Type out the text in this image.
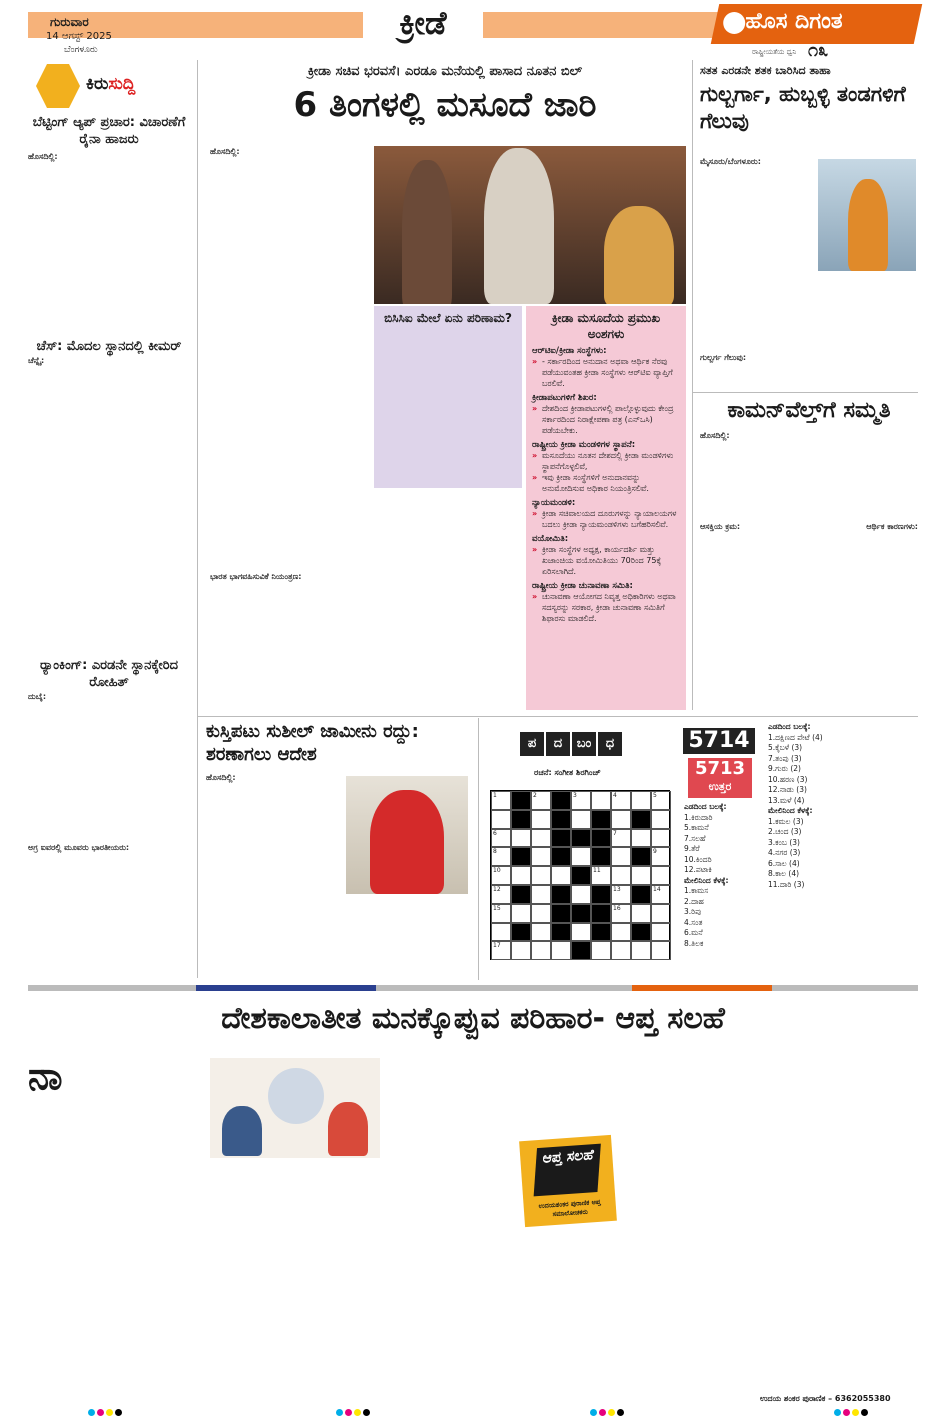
ಗುರುವಾರ
14 ಆಗಸ್ಟ್ 2025
ಬೆಂಗಳೂರು
ಕ್ರೀಡೆ	ಹೊಸ ದಿಗಂತ
ರಾಷ್ಟ್ರೀಯತೆಯ ಧ್ವನಿ ೧೩
ಕಿರುಸುದ್ದಿ
ಬೆಟ್ಟಿಂಗ್ ಆ್ಯಪ್ ಪ್ರಚಾರ: ವಿಚಾರಣೆಗೆ ರೈನಾ ಹಾಜರು
ಹೊಸದಿಲ್ಲಿ:
ಚೆಸ್: ಮೊದಲ ಸ್ಥಾನದಲ್ಲಿ ಕೀಮರ್
ಚೆನ್ನೈ:
ರ್‍ಯಾಂಕಿಂಗ್: ಎರಡನೇ ಸ್ಥಾನಕ್ಕೇರಿದ ರೋಹಿತ್
ದುಬೈ:
ಅಗ್ರ ಐವರಲ್ಲಿ ಮೂವರು ಭಾರತೀಯರು:
ಕ್ರೀಡಾ ಸಚಿವ ಭರವಸೆ। ಎರಡೂ ಮನೆಯಲ್ಲಿ ಪಾಸಾದ ನೂತನ ಬಿಲ್
6 ತಿಂಗಳಲ್ಲಿ ಮಸೂದೆ ಜಾರಿ
ಹೊಸದಿಲ್ಲಿ:
ಭಾರತ ಭಾಗವಹಿಸುವಿಕೆ ನಿಯಂತ್ರಣ:
ಬಿಸಿಸಿಐ ಮೇಲೆ ಏನು ಪರಿಣಾಮ?	ಕ್ರೀಡಾ ಮಸೂದೆಯ ಪ್ರಮುಖ ಅಂಶಗಳು
ಆರ್‌ಟಿಐ/ಕ್ರೀಡಾ ಸಂಸ್ಥೆಗಳು:
» - ಸರ್ಕಾರದಿಂದ ಅನುದಾನ ಅಥವಾ ಆರ್ಥಿಕ ನೆರವು ಪಡೆಯುವಂತಹ ಕ್ರೀಡಾ ಸಂಸ್ಥೆಗಳು ಆರ್‌ಟಿಐ ವ್ಯಾಪ್ತಿಗೆ ಬರಲಿವೆ.
ಕ್ರೀಡಾಪಟುಗಳಿಗೆ ಶಿಖರ:
» ದೇಶದಿಂದ ಕ್ರೀಡಾಪಟುಗಳಲ್ಲಿ ಪಾಲ್ಗೊಳ್ಳುವುದು ಕೇಂದ್ರ ಸರ್ಕಾರದಿಂದ ನಿರಾಕ್ಷೇಪಣಾ ಪತ್ರ (ಎನ್‌ಒಸಿ) ಪಡೆಯಬೇಕು.
ರಾಷ್ಟ್ರೀಯ ಕ್ರೀಡಾ ಮಂಡಳಿಗಳ ಸ್ಥಾಪನೆ:
» ಮಸೂದೆಯು ನೂತನ ದೇಶದಲ್ಲಿ ಕ್ರೀಡಾ ಮಂಡಳಿಗಳು ಸ್ಥಾಪನೆಗೊಳ್ಳಲಿವೆ,
» ಇವು ಕ್ರೀಡಾ ಸಂಸ್ಥೆಗಳಿಗೆ ಅನುದಾನವನ್ನು ಅನುಮೋದಿಸುವ ಅಧಿಕಾರ ನಿಯಂತ್ರಿಸಲಿವೆ.
ನ್ಯಾಯಮಂಡಳಿ:
» ಕ್ರೀಡಾ ಸಚಿವಾಲಯದ ದೂರುಗಳನ್ನು ನ್ಯಾಯಾಲಯಗಳ ಬದಲು ಕ್ರೀಡಾ ನ್ಯಾಯಮಂಡಳಿಗಳು ಬಗೆಹರಿಸಲಿವೆ.
ವಯೋಮಿತಿ:
» ಕ್ರೀಡಾ ಸಂಸ್ಥೆಗಳ ಅಧ್ಯಕ್ಷ, ಕಾರ್ಯದರ್ಶಿ ಮತ್ತು ಖಜಾಂಚಿಯ ವಯೋಮಿತಿಯು 70ರಿಂದ 75ಕ್ಕೆ ಏರಿಸಲಾಗಿದೆ.
ರಾಷ್ಟ್ರೀಯ ಕ್ರೀಡಾ ಚುನಾವಣಾ ಸಮಿತಿ:
» ಚುನಾವಣಾ ಆಯೋಗದ ನಿವೃತ್ತ ಅಧಿಕಾರಿಗಳು ಅಥವಾ ಸದಸ್ಯರನ್ನು ಸರಕಾರ, ಕ್ರೀಡಾ ಚುನಾವಣಾ ಸಮಿತಿಗೆ ಶಿಫಾರಸು ಮಾಡಲಿದೆ.
ಸತತ ಎರಡನೇ ಶತಕ ಬಾರಿಸಿದ ತಾಹಾ
ಗುಲ್ಬರ್ಗಾ, ಹುಬ್ಬಳ್ಳಿ ತಂಡಗಳಿಗೆ ಗೆಲುವು
ಮೈಸೂರು/ಬೆಂಗಳೂರು:
ಗುಲ್ಬರ್ಗ ಗೆಲುವು:
ಕಾಮನ್‌ವೆಲ್ತ್‌ಗೆ ಸಮ್ಮತಿ
ಹೊಸದಿಲ್ಲಿ:
ಆಸಕ್ತಿಯ ಕ್ರಮ:	ಆರ್ಥಿಕ ಕಾರಣಗಳು:
ಕುಸ್ತಿಪಟು ಸುಶೀಲ್ ಜಾಮೀನು ರದ್ದು: ಶರಣಾಗಲು ಆದೇಶ
ಹೊಸದಿಲ್ಲಿ:
ಪ	ದ	ಬಂ	ಧ
ರಚನೆ: ಸಂಗೀತ ಶಿರಗಿಂಚ್
1	2	3	4	5
6	7
8	9
10	11
12	13	14
15	16
17
5714
5713
ಉತ್ತರ
ಎಡದಿಂದ ಬಲಕ್ಕೆ:
1.ಕಿರುದಾರಿ
5.ಕಾಮನೆ
7.ಸಲಹೆ
9.ತೆರೆ
10.ಕಿಂದರಿ
12.ಪಟಾಕಿ
ಮೇಲಿನಿಂದ ಕೆಳಕ್ಕೆ:
1.ಕಾಮಸ
2.ದಾಹ
3.ರಿಪು
4.ಸಂತ
6.ಮನೆ
8.ತಿಲಕ
ಎಡದಿಂದ ಬಲಕ್ಕೆ:
1.ದಕ್ಷಿಣದ ಪೇಟೆ (4)
5.ಕೈಬಳೆ (3)
7.ತಂಪು (3)
9.ಗುರು (2)
10.ಹರಣ (3)
12.ನಾಡು (3)
13.ಮಳೆ (4)
ಮೇಲಿನಿಂದ ಕೆಳಕ್ಕೆ:
1.ಕಮಲ (3)
2.ಚಂದ (3)
3.ಕಂಬ (3)
4.ನಗರ (3)
6.ಸಾಲ (4)
8.ಕಾಲ (4)
11.ದಾರಿ (3)
ದೇಶಕಾಲಾತೀತ ಮನಕ್ಕೊಪ್ಪುವ ಪರಿಹಾರ- ಆಪ್ತ ಸಲಹೆ
ನಾ
ಆಪ್ತ ಸಲಹೆ
ಉದಯಶಂಕರ ಪುರಾಣಿಕ ಆಪ್ತ ಸಮಾಲೋಚಕರು
ಉದಯ ಶಂಕರ ಪುರಾಣಿಕ – 6362055380
